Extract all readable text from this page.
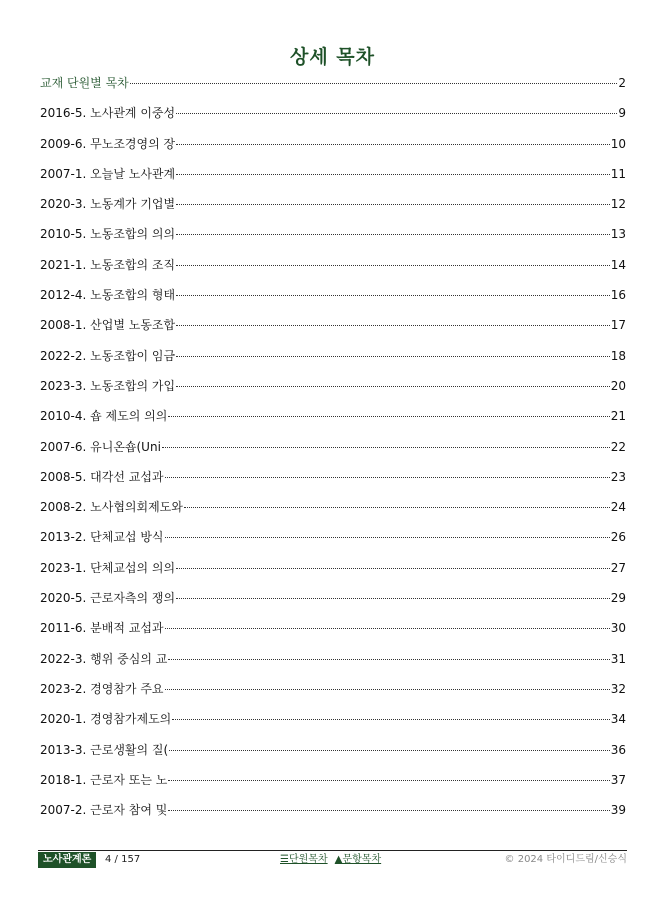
상세 목차
교재 단원별 목차	2
2016-5. 노사관계 이중성	9
2009-6. 무노조경영의 장	10
2007-1. 오늘날 노사관계	11
2020-3. 노동계가 기업별	12
2010-5. 노동조합의 의의	13
2021-1. 노동조합의 조직	14
2012-4. 노동조합의 형태	16
2008-1. 산업별 노동조합	17
2022-2. 노동조합이 임금	18
2023-3. 노동조합의 가입	20
2010-4. 숍 제도의 의의	21
2007-6. 유니온숍(Uni	22
2008-5. 대각선 교섭과	23
2008-2. 노사협의회제도와	24
2013-2. 단체교섭 방식	26
2023-1. 단체교섭의 의의	27
2020-5. 근로자측의 쟁의	29
2011-6. 분배적 교섭과	30
2022-3. 행위 중심의 교	31
2023-2. 경영참가 주요	32
2020-1. 경영참가제도의	34
2013-3. 근로생활의 질(	36
2018-1. 근로자 또는 노	37
2007-2. 근로자 참여 및	39
노사관계론	4 / 157	☰단원목차 ▲문항목차	© 2024 타이디드림/신승식
